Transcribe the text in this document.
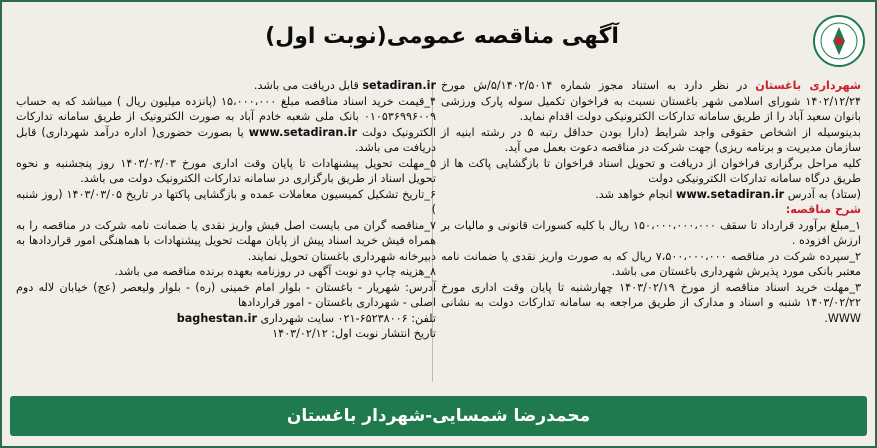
آگهی مناقصه عمومی(نوبت اول)

شهرداری باغستان در نظر دارد به استناد مجوز شماره ۵/۱۴۰۲/۵۰۱۴/ش مورخ ۱۴۰۲/۱۲/۲۴ شورای اسلامی شهر باغستان نسبت به فراخوان تکمیل سوله پارک ورزشی بانوان سعید آباد را از طریق سامانه تدارکات الکترونیکی دولت اقدام نماید.

بدینوسیله از اشخاص حقوقی واجد شرایط (دارا بودن حداقل رتبه ۵ در رشته ابنیه از سازمان مدیریت و برنامه ریزی) جهت شرکت در مناقصه دعوت بعمل می آید.

کلیه مراحل برگزاری فراخوان از دریافت و تحویل اسناد فراخوان تا بازگشایی پاکت ها از طریق درگاه سامانه تدارکات الکترونیکی دولت
(ستاد) به آدرس www.setadiran.ir انجام خواهد شد.

شرح مناقصه:

۱_مبلغ برآورد قرارداد تا سقف ۱۵۰،۰۰۰،۰۰۰،۰۰۰ ریال با کلیه کسورات قانونی و مالیات بر ارزش افزوده .

۲_سپرده شرکت در مناقصه ۷،۵۰۰،۰۰۰،۰۰۰ ریال که به صورت واریز نقدی یا ضمانت نامه معتبر بانکی مورد پذیرش شهرداری باغستان می باشد.

۳_مهلت خرید اسناد مناقصه از مورخ ۱۴۰۳/۰۲/۱۹ چهارشنبه تا پایان وقت اداری مورخ ۱۴۰۳/۰۲/۲۲ شنبه و اسناد و مدارک از طریق مراجعه به سامانه تدارکات دولت به نشانی WWW.

setadiran.ir قابل دریافت می باشد.

۴_قیمت خرید اسناد مناقصه مبلغ ۱۵،۰۰۰،۰۰۰ (پانزده میلیون ریال ) میباشد که به حساب ۰۱۰۵۳۶۹۹۶۰۰۹ بانک ملی شعبه خادم آباد به صورت الکترونیک از طریق سامانه تدارکات الکترونیک دولت www.setadiran.ir یا بصورت حضوری( اداره درآمد شهرداری) قابل دریافت می باشد.

۵_مهلت تحویل پیشنهادات تا پایان وقت اداری مورخ ۱۴۰۳/۰۳/۰۳ روز پنجشنبه و نحوه تحویل اسناد از طریق بارگزاری در سامانه تدارکات الکترونیک دولت می باشد.

۶_تاریخ تشکیل کمیسیون معاملات عمده و بازگشایی پاکتها در تاریخ ۱۴۰۳/۰۳/۰۵ (روز شنبه )

۷_مناقصه گران می بایست اصل فیش واریز نقدی یا ضمانت نامه شرکت در مناقصه را به همراه فیش خرید اسناد پیش از پایان مهلت تحویل پیشنهادات با هماهنگی امور قراردادها به دبیرخانه شهرداری باغستان تحویل نمایند.

۸_هزینه چاپ دو نوبت آگهی در روزنامه بعهده برنده مناقصه می باشد.

آدرس: شهریار - باغستان - بلوار امام خمینی (ره) - بلوار ولیعصر (عج) خیابان لاله دوم اصلی - شهرداری باغستان - امور قراردادها

تلفن: ۶۵۲۳۸۰۰۶-۰۲۱ سایت شهرداری baghestan.ir

تاریخ انتشار نوبت اول: ۱۴۰۳/۰۲/۱۲

محمدرضا شمسایی-شهردار باغستان
